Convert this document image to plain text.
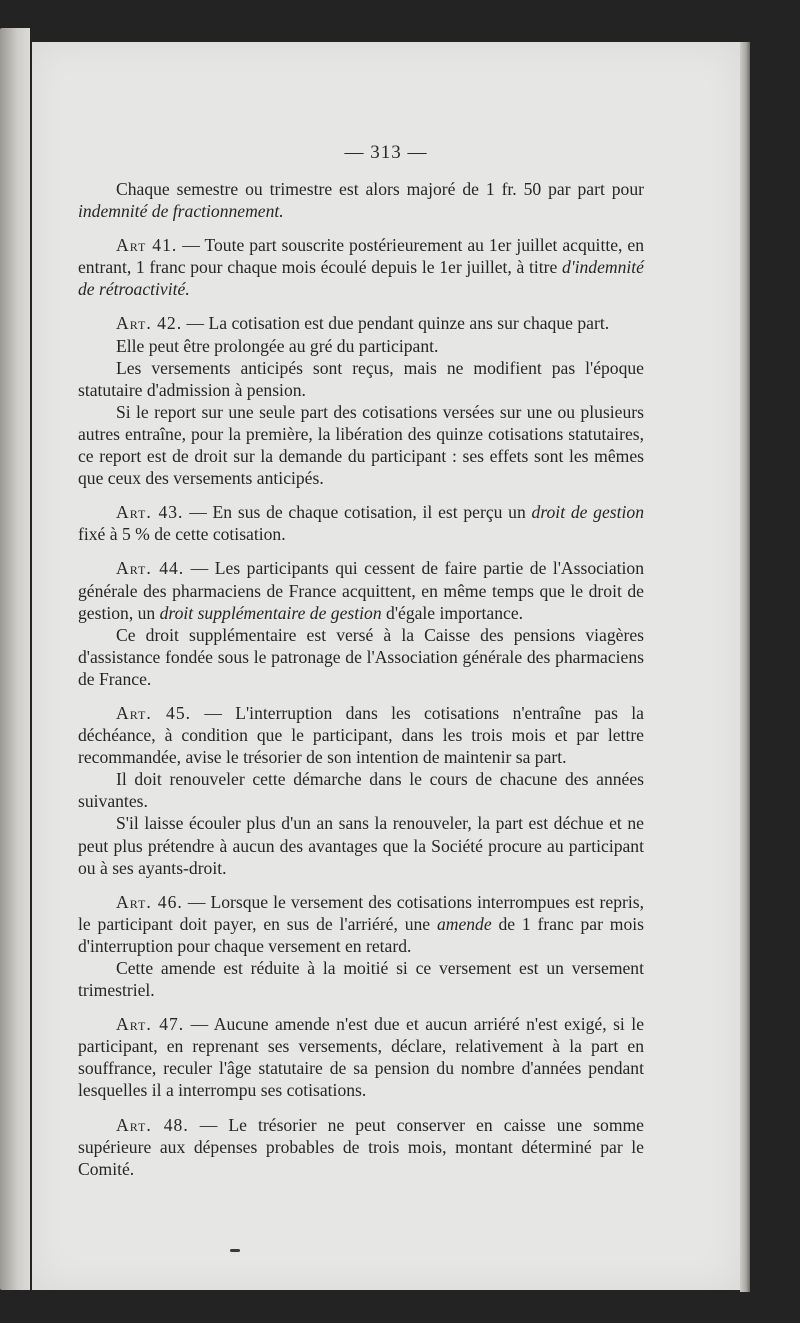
— 313 —

Chaque semestre ou trimestre est alors majoré de 1 fr. 50 par part pour indemnité de fractionnement.

Art 41. — Toute part souscrite postérieurement au 1er juillet acquitte, en entrant, 1 franc pour chaque mois écoulé depuis le 1er juillet, à titre d'indemnité de rétroactivité.

Art. 42. — La cotisation est due pendant quinze ans sur chaque part.

Elle peut être prolongée au gré du participant.

Les versements anticipés sont reçus, mais ne modifient pas l'époque statutaire d'admission à pension.

Si le report sur une seule part des cotisations versées sur une ou plusieurs autres entraîne, pour la première, la libération des quinze cotisations statutaires, ce report est de droit sur la demande du participant : ses effets sont les mêmes que ceux des versements anticipés.

Art. 43. — En sus de chaque cotisation, il est perçu un droit de gestion fixé à 5 % de cette cotisation.

Art. 44. — Les participants qui cessent de faire partie de l'Association générale des pharmaciens de France acquittent, en même temps que le droit de gestion, un droit supplémentaire de gestion d'égale importance.

Ce droit supplémentaire est versé à la Caisse des pensions viagères d'assistance fondée sous le patronage de l'Association générale des pharmaciens de France.

Art. 45. — L'interruption dans les cotisations n'entraîne pas la déchéance, à condition que le participant, dans les trois mois et par lettre recommandée, avise le trésorier de son intention de maintenir sa part.

Il doit renouveler cette démarche dans le cours de chacune des années suivantes.

S'il laisse écouler plus d'un an sans la renouveler, la part est déchue et ne peut plus prétendre à aucun des avantages que la Société procure au participant ou à ses ayants-droit.

Art. 46. — Lorsque le versement des cotisations interrompues est repris, le participant doit payer, en sus de l'arriéré, une amende de 1 franc par mois d'interruption pour chaque versement en retard.

Cette amende est réduite à la moitié si ce versement est un versement trimestriel.

Art. 47. — Aucune amende n'est due et aucun arriéré n'est exigé, si le participant, en reprenant ses versements, déclare, relativement à la part en souffrance, reculer l'âge statutaire de sa pension du nombre d'années pendant lesquelles il a interrompu ses cotisations.

Art. 48. — Le trésorier ne peut conserver en caisse une somme supérieure aux dépenses probables de trois mois, montant déterminé par le Comité.
